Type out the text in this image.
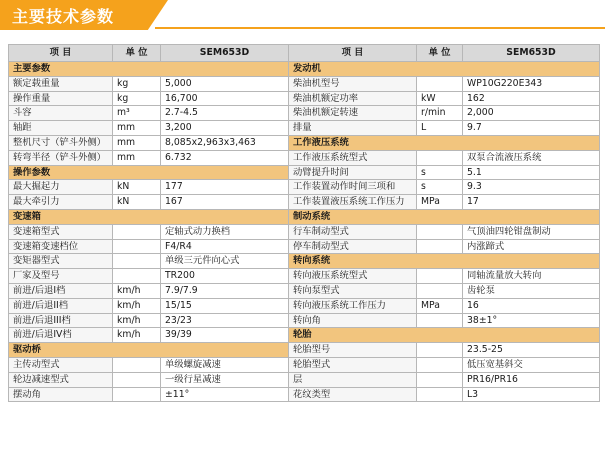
主要技术参数
项 目	单 位	SEM653D	项 目	单 位	SEM653D
主要参数			发动机		
额定载重量	kg	5,000	柴油机型号		WP10G220E343
操作重量	kg	16,700	柴油机额定功率	kW	162
斗容	m³	2.7-4.5	柴油机额定转速	r/min	2,000
轴距	mm	3,200	排量	L	9.7
整机尺寸（铲斗外侧）	mm	8,085x2,963x3,463	工作液压系统		
转弯半径（铲斗外侧）	mm	6.732	工作液压系统型式		双泵合流液压系统
操作参数			动臂提升时间	s	5.1
最大掘起力	kN	177	工作装置动作时间三项和	s	9.3
最大牵引力	kN	167	工作装置液压系统工作压力	MPa	17
变速箱			制动系统		
变速箱型式		定轴式动力换档	行车制动型式		气顶油四轮钳盘制动
变速箱变速档位		F4/R4	停车制动型式		内涨蹄式
变矩器型式		单级三元件向心式	转向系统		
厂家及型号		TR200	转向液压系统型式		同轴流量放大转向
前进/后退I档	km/h	7.9/7.9	转向泵型式		齿轮泵
前进/后退II档	km/h	15/15	转向液压系统工作压力	MPa	16
前进/后退III档	km/h	23/23	转向角		38±1°
前进/后退IV档	km/h	39/39	轮胎		
驱动桥			轮胎型号		23.5-25
主传动型式		单级螺旋减速	轮胎型式		低压宽基斜交
轮边减速型式		一级行星减速	层		PR16/PR16
摆动角		±11°	花纹类型		L3
